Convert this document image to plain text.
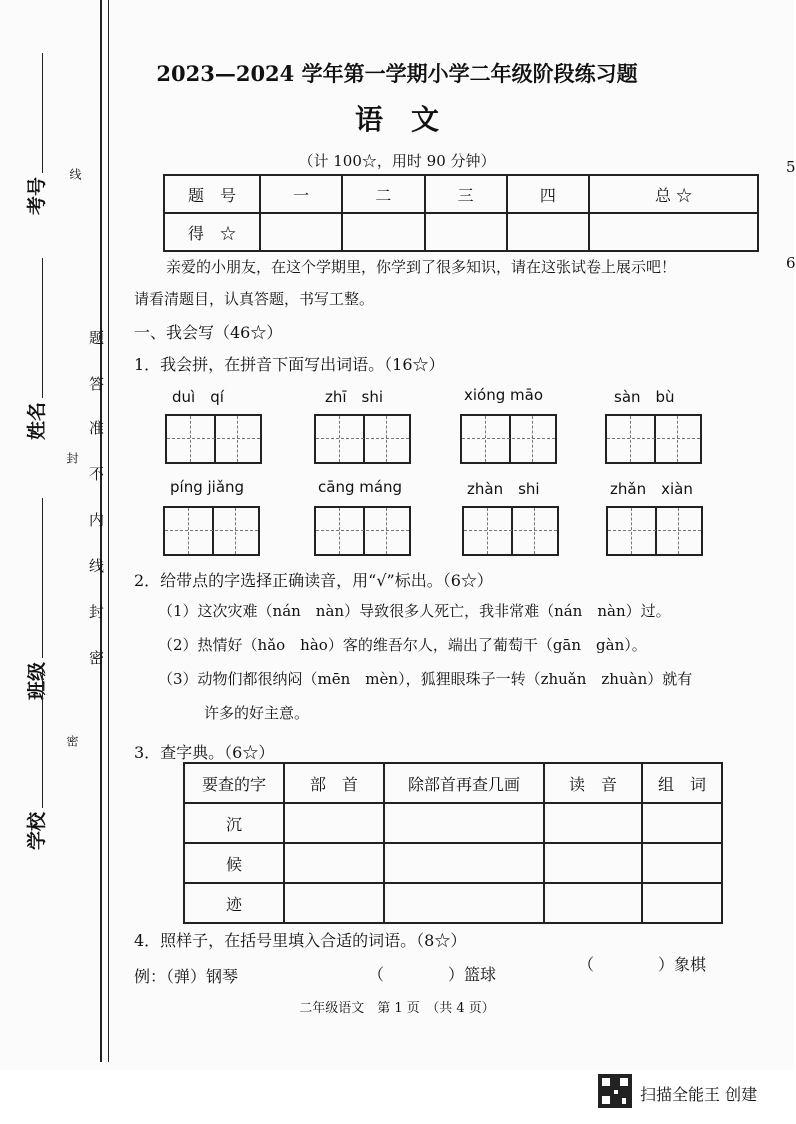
考号
姓名
班级
学校
线
题
答
准
不
封
内
线
封
密
密
2023—2024 学年第一学期小学二年级阶段练习题
语文
（计 100☆，用时 90 分钟）	5
6
题　号	一	二	三	四	总 ☆
得　☆					
亲爱的小朋友，在这个学期里，你学到了很多知识，请在这张试卷上展示吧！
请看清题目，认真答题，书写工整。
一、我会写（46☆）
1．我会拼，在拼音下面写出词语。（16☆）
duì　qí	zhī　shi	xióng māo	sàn　bù
píng jiǎng	cāng máng	zhàn　shi	zhǎn　xiàn
2．给带点的字选择正确读音，用“√”标出。（6☆）
（1）这次灾难（nán　nàn）导致很多人死亡，我非常难（nán　nàn）过。
（2）热情好（hǎo　hào）客的维吾尔人，端出了葡萄干（gān　gàn）。
（3）动物们都很纳闷（mēn　mèn），狐狸眼珠子一转（zhuǎn　zhuàn）就有
许多的好主意。
3．查字典。（6☆）
要查的字	部　首	除部首再查几画	读　音	组　词
沉				
候				
迹				
4．照样子，在括号里填入合适的词语。（8☆）
例：（弹）钢琴	（　　　　）篮球
（　　　　）象棋
二年级语文　第 1 页　（共 4 页）
扫描全能王 创建
